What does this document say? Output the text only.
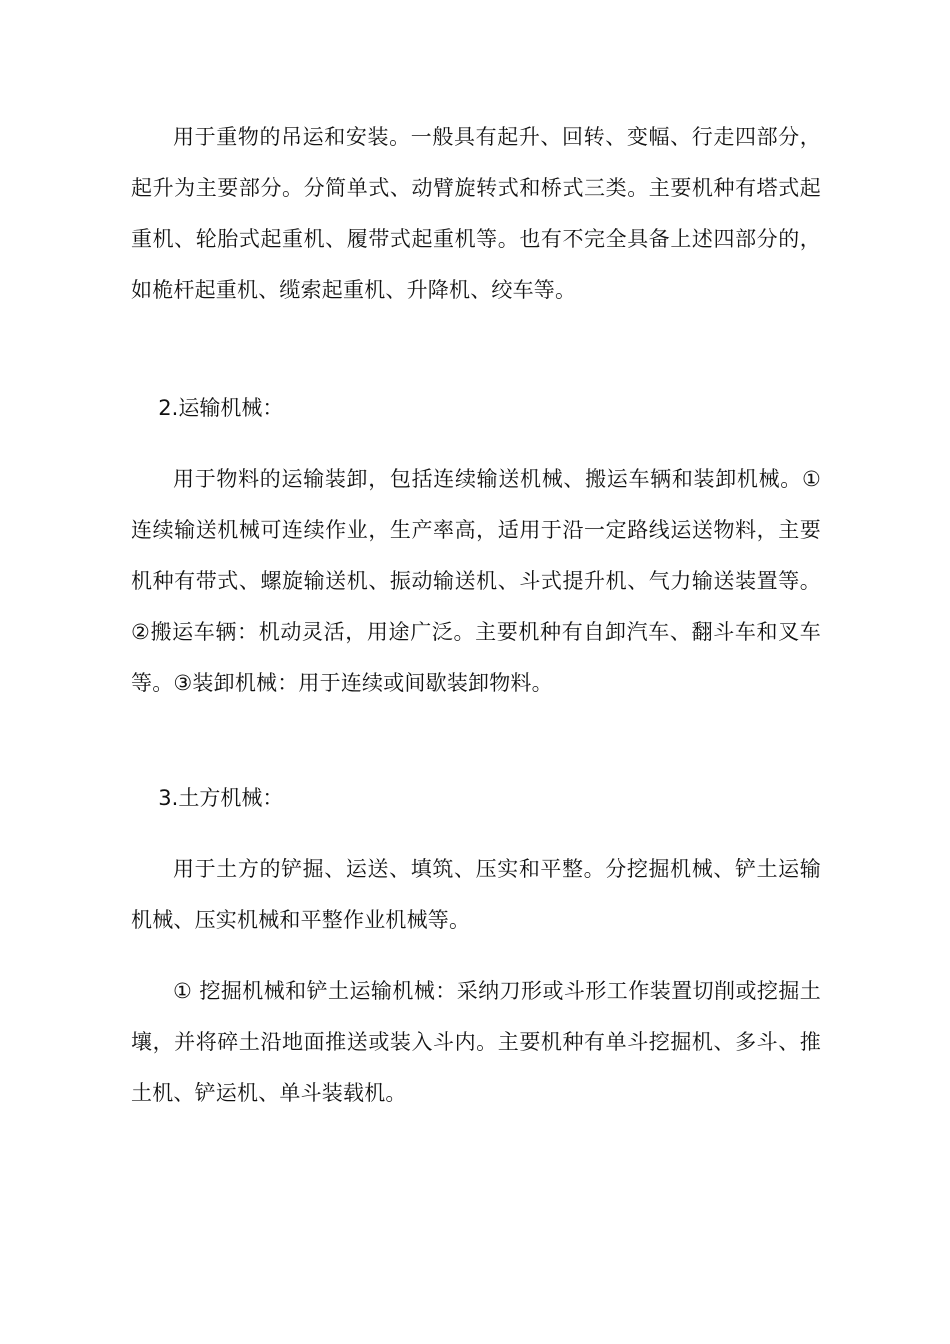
用于重物的吊运和安装。一般具有起升、回转、变幅、行走四部分，起升为主要部分。分简单式、动臂旋转式和桥式三类。主要机种有塔式起重机、轮胎式起重机、履带式起重机等。也有不完全具备上述四部分的，如桅杆起重机、缆索起重机、升降机、绞车等。

2.运输机械：

用于物料的运输装卸，包括连续输送机械、搬运车辆和装卸机械。①连续输送机械可连续作业，生产率高，适用于沿一定路线运送物料，主要机种有带式、螺旋输送机、振动输送机、斗式提升机、气力输送装置等。②搬运车辆：机动灵活，用途广泛。主要机种有自卸汽车、翻斗车和叉车等。③装卸机械：用于连续或间歇装卸物料。

3.土方机械：

用于土方的铲掘、运送、填筑、压实和平整。分挖掘机械、铲土运输机械、压实机械和平整作业机械等。

① 挖掘机械和铲土运输机械：采纳刀形或斗形工作装置切削或挖掘土壤，并将碎土沿地面推送或装入斗内。主要机种有单斗挖掘机、多斗、推土机、铲运机、单斗装载机。
